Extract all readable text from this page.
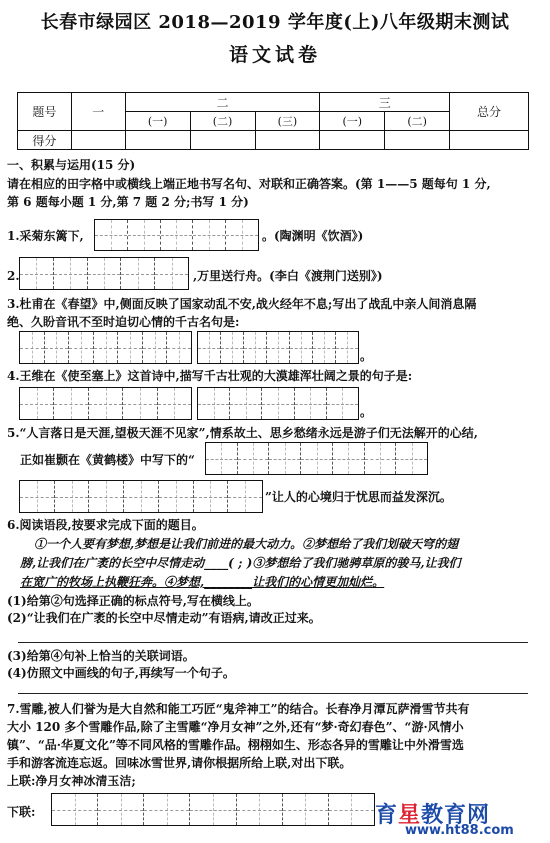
长春市绿园区 2018—2019 学年度(上)八年级期末测试
语文试卷
题号	一	二			三		总分
		(一)	(二)	(三)	(一)	(二)	
得分							
一、积累与运用(15 分)
请在相应的田字格中或横线上端正地书写名句、对联和正确答案。(第 1——5 题每句 1 分,
第 6 题每小题 1 分,第 7 题 2 分;书写 1 分)
1.采菊东篱下,	。(陶渊明《饮酒》)
2.	,万里送行舟。(李白《渡荆门送别》)
3.杜甫在《春望》中,侧面反映了国家动乱不安,战火经年不息;写出了战乱中亲人间消息隔
绝、久盼音讯不至时迫切心情的千古名句是:
。
4.王维在《使至塞上》这首诗中,描写千古壮观的大漠雄浑壮阔之景的句子是:
。
5.“人言落日是天涯,望极天涯不见家”,情系故土、思乡愁绪永远是游子们无法解开的心结,
正如崔颢在《黄鹤楼》中写下的“
”让人的心境归于忧思而益发深沉。
6.阅读语段,按要求完成下面的题目。
①一个人要有梦想,梦想是让我们前进的最大动力。②梦想给了我们划破天穹的翅
膀,让我们在广袤的长空中尽情走动____( ; )③梦想给了我们驰骋草原的骏马,让我们
在宽广的牧场上执鞭狂奔。④梦想,________让我们的心情更加灿烂。
(1)给第②句选择正确的标点符号,写在横线上。
(2)“让我们在广袤的长空中尽情走动”有语病,请改正过来。
(3)给第④句补上恰当的关联词语。
(4)仿照文中画线的句子,再续写一个句子。
7.雪雕,被人们誉为是大自然和能工巧匠“鬼斧神工”的结合。长春净月潭瓦萨滑雪节共有
大小 120 多个雪雕作品,除了主雪雕“净月女神”之外,还有“梦·奇幻春色”、“游·风情小
镇”、“品·华夏文化”等不同风格的雪雕作品。栩栩如生、形态各异的雪雕让中外滑雪选
手和游客流连忘返。回味冰雪世界,请你根据所给上联,对出下联。
上联:净月女神冰清玉洁;
下联:	育星教育网
www.ht88.com
